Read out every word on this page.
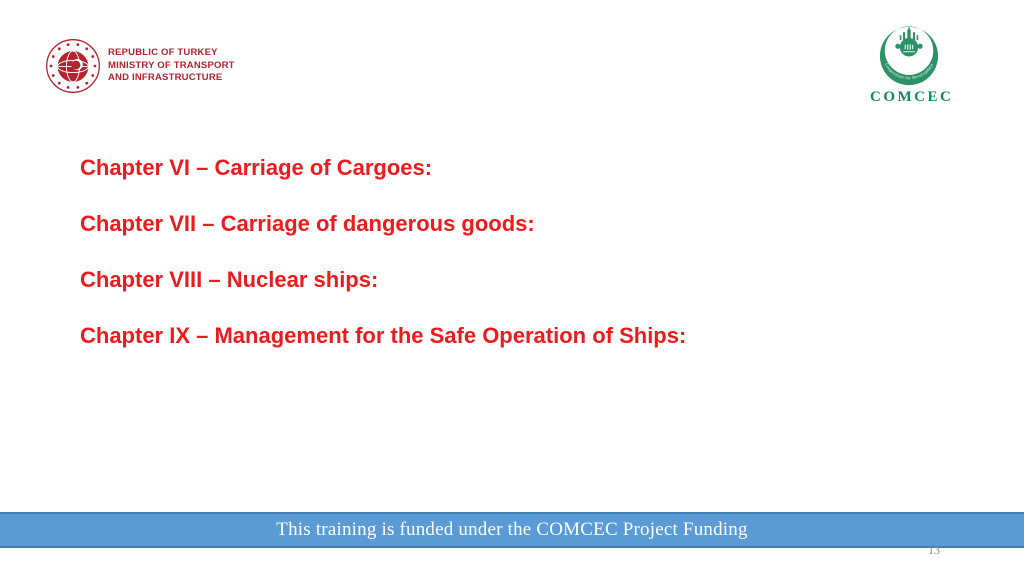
REPUBLIC OF TURKEY
MINISTRY OF TRANSPORT
AND INFRASTRUCTURE
Cooperation for Development
COMCEC
Chapter VI – Carriage of Cargoes:
Chapter VII – Carriage of dangerous goods:
Chapter VIII – Nuclear ships:
Chapter IX – Management for the Safe Operation of Ships:
This training is funded under the COMCEC Project Funding
13
